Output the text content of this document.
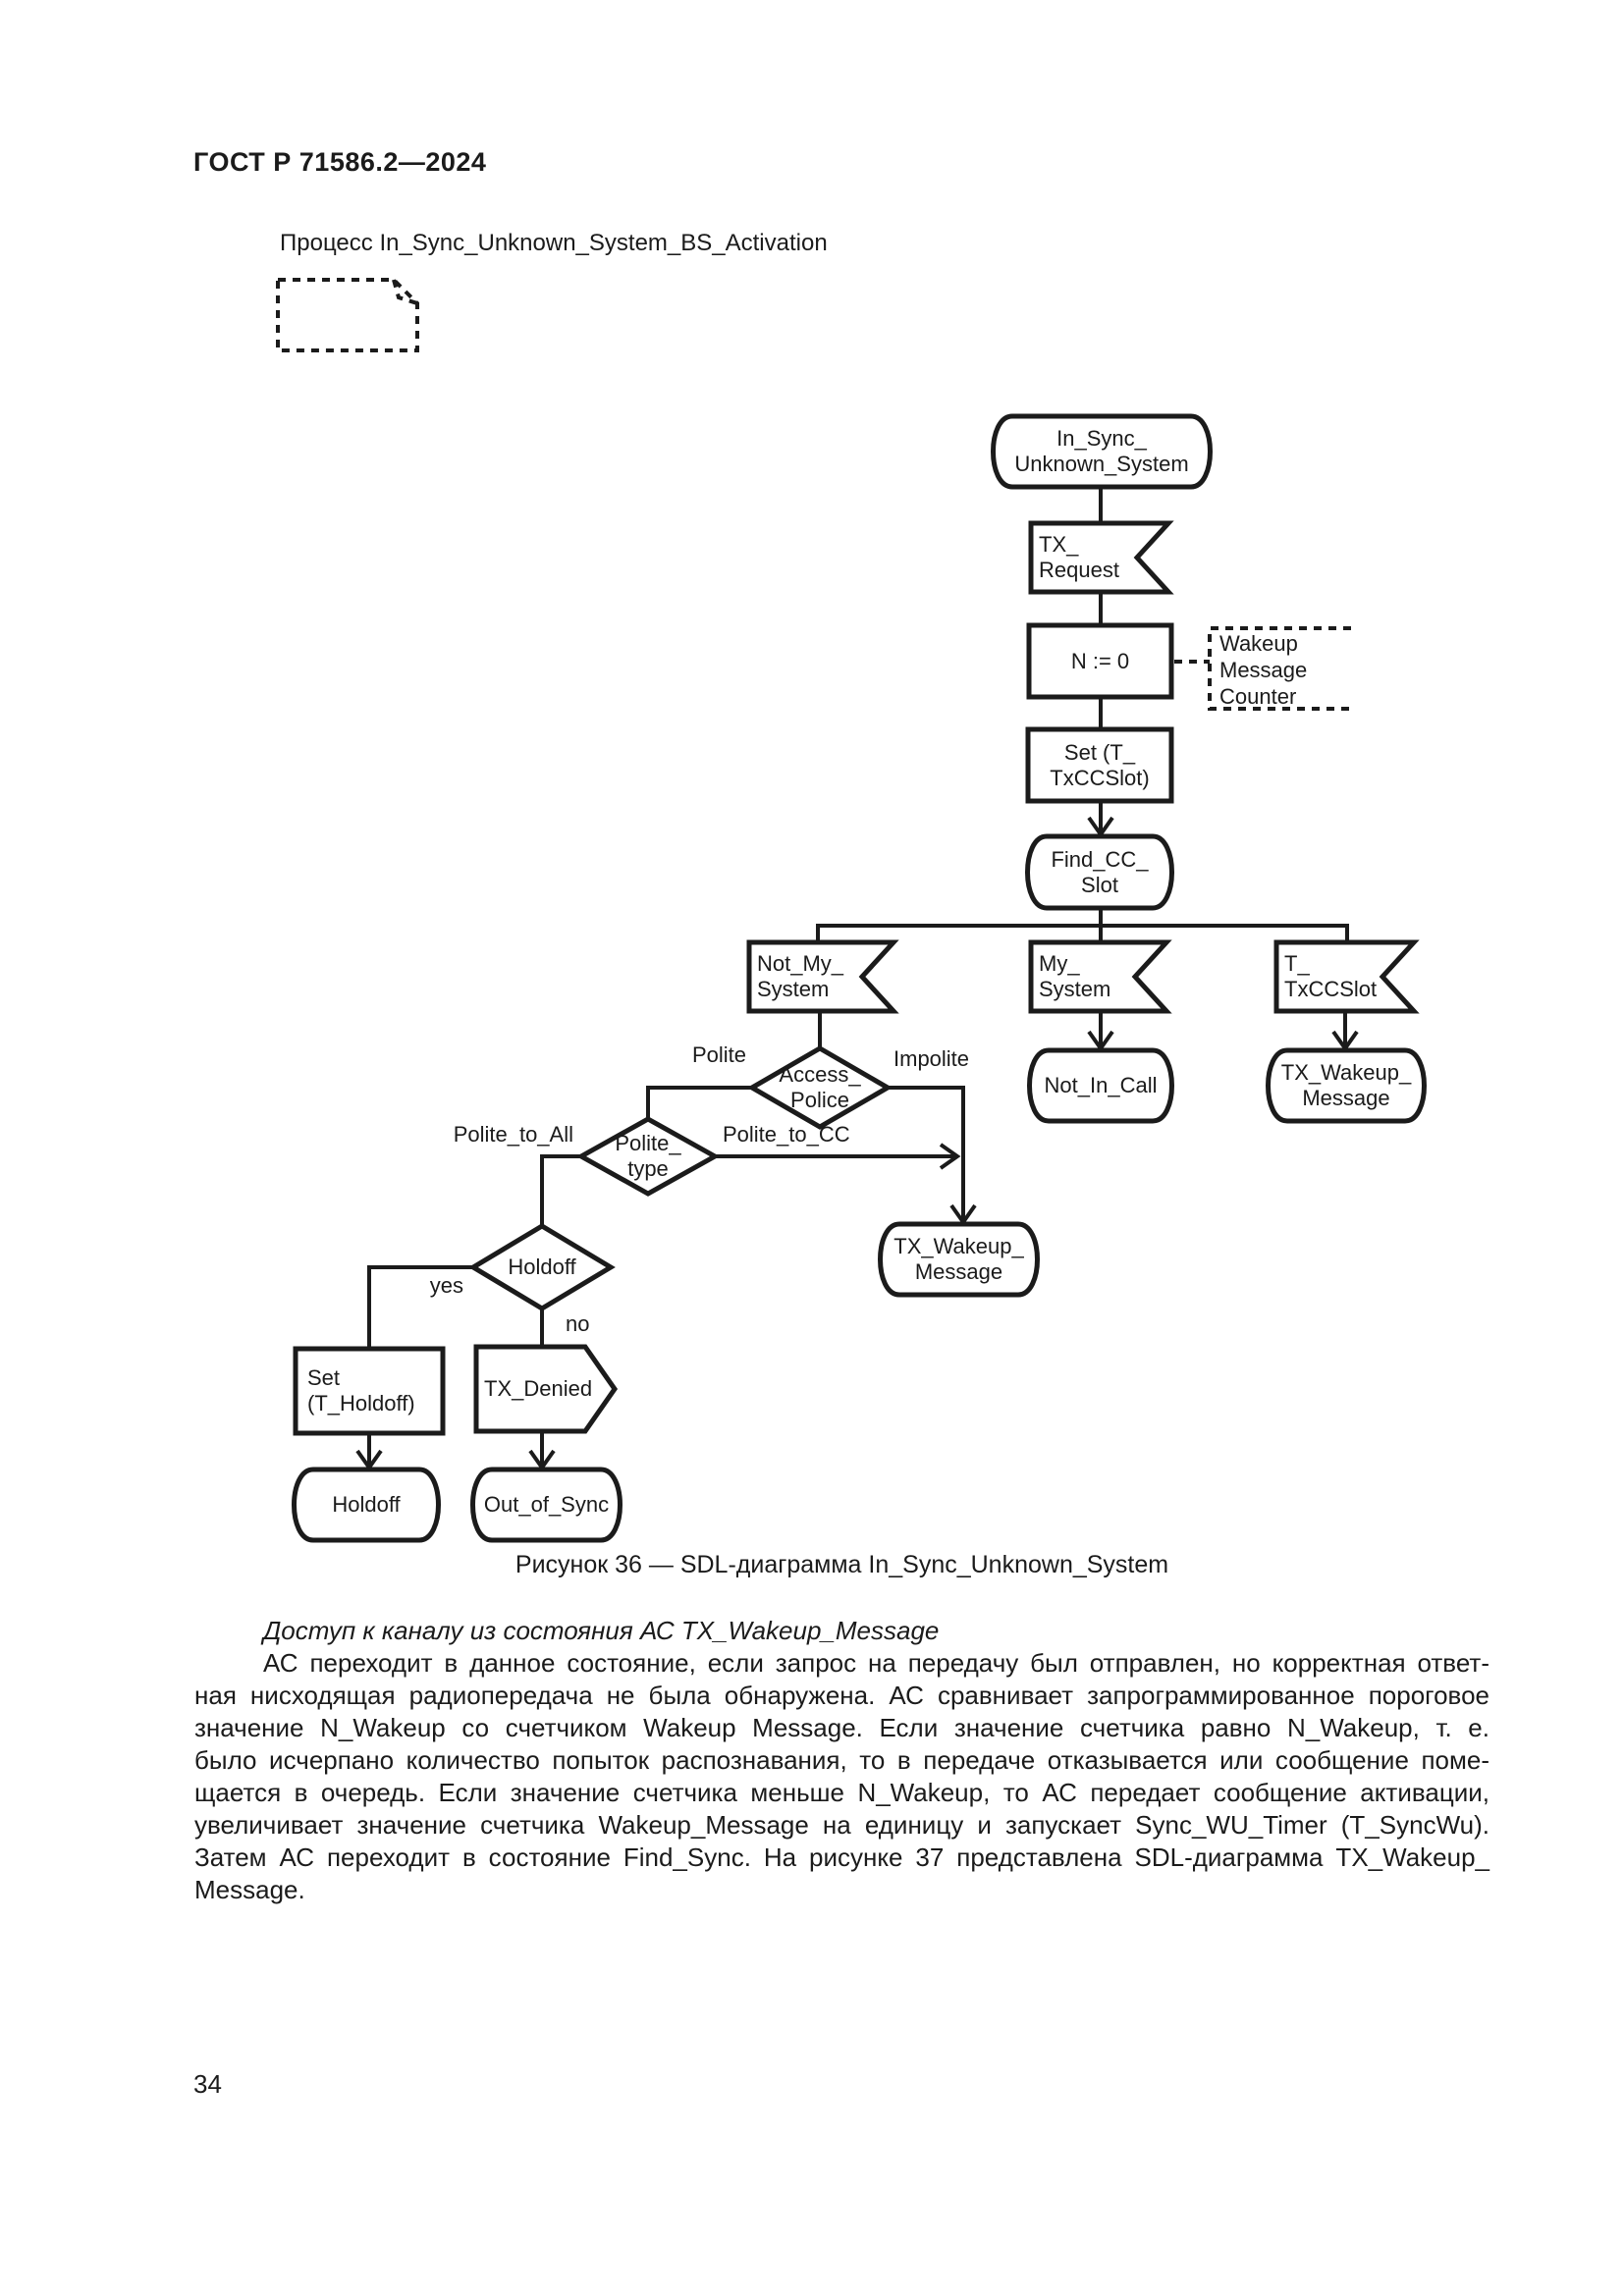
ГОСТ Р 71586.2—2024
Процесс In_Sync_Unknown_System_BS_Activation
In_Sync_
Unknown_System
TX_
Request
N := 0
Wakeup
Message
Counter
Set (T_
TxCCSlot)
Find_CC_
Slot
Not_My_
System
My_
System
T_
TxCCSlot
Not_In_Call
TX_Wakeup_
Message
Access_
Police
Polite_
type
Holdoff
TX_Wakeup_
Message
Set
(T_Holdoff)
TX_Denied
Holdoff	Out_of_Sync
Polite	Impolite
Polite_to_All	Polite_to_CC
yes
no
Рисунок 36 — SDL-диаграмма In_Sync_Unknown_System
Доступ к каналу из состояния АС TX_Wakeup_Message
АС переходит в данное состояние, если запрос на передачу был отправлен, но корректная ответ-
ная нисходящая радиопередача не была обнаружена. АС сравнивает запрограммированное пороговое
значение N_Wakeup со счетчиком Wakeup Message. Если значение счетчика равно N_Wakeup, т. е.
было исчерпано количество попыток распознавания, то в передаче отказывается или сообщение поме-
щается в очередь. Если значение счетчика меньше N_Wakeup, то АС передает сообщение активации,
увеличивает значение счетчика Wakeup_Message на единицу и запускает Sync_WU_Timer (T_SyncWu).
Затем АС переходит в состояние Find_Sync. На рисунке 37 представлена SDL-диаграмма TX_Wakeup_
Message.
34
